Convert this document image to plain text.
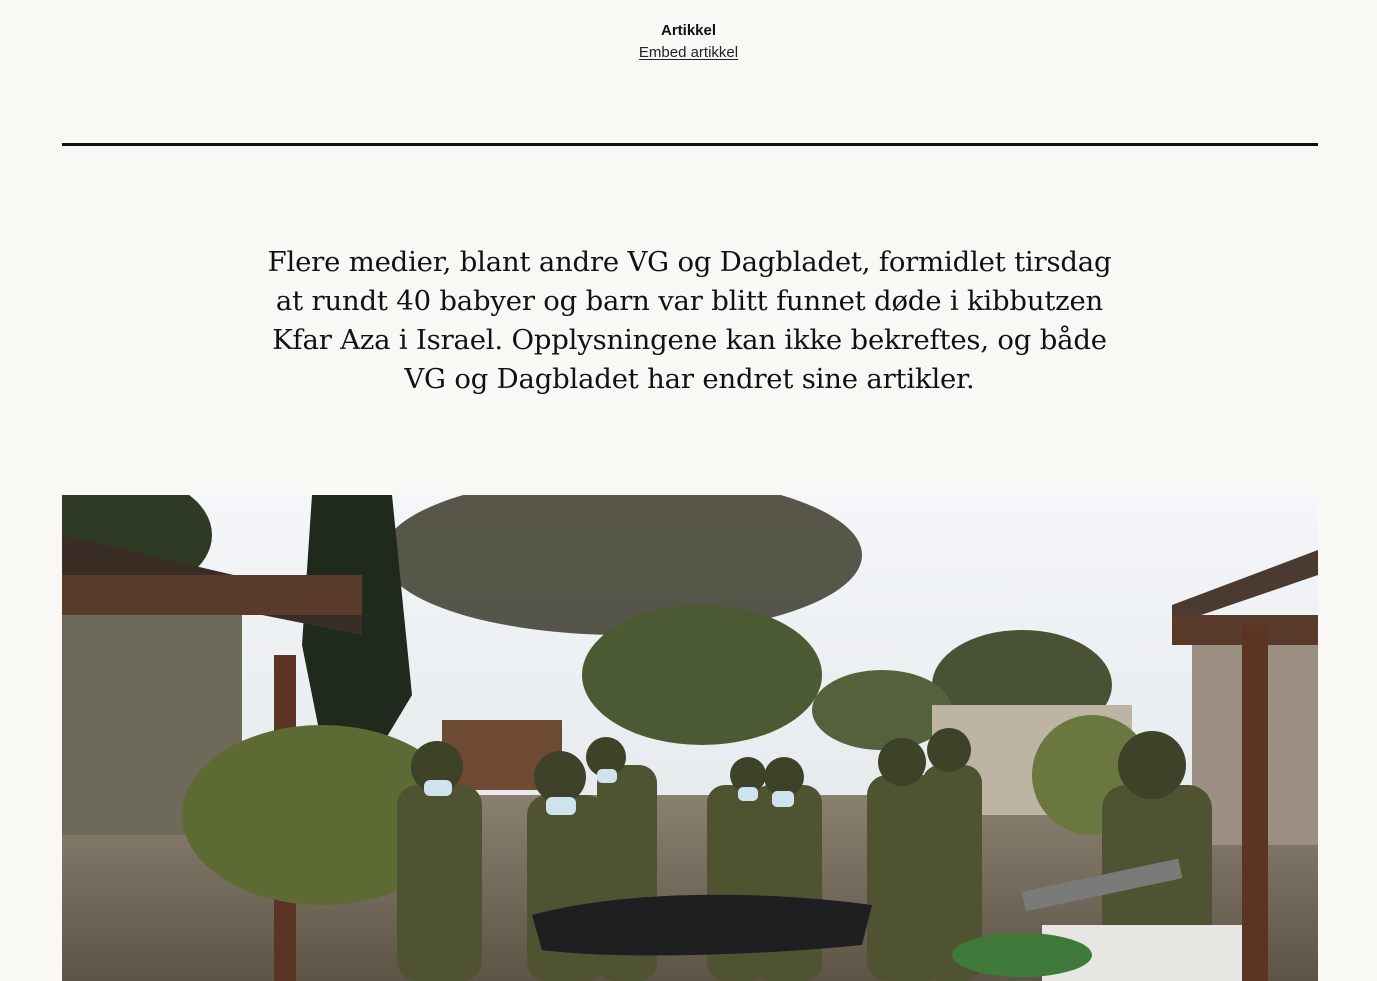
Artikkel
Embed artikkel

Flere medier, blant andre VG og Dagbladet, formidlet tirsdag at rundt 40 babyer og barn var blitt funnet døde i kibbutzen Kfar Aza i Israel. Opplysningene kan ikke bekreftes, og både VG og Dagbladet har endret sine artikler.
